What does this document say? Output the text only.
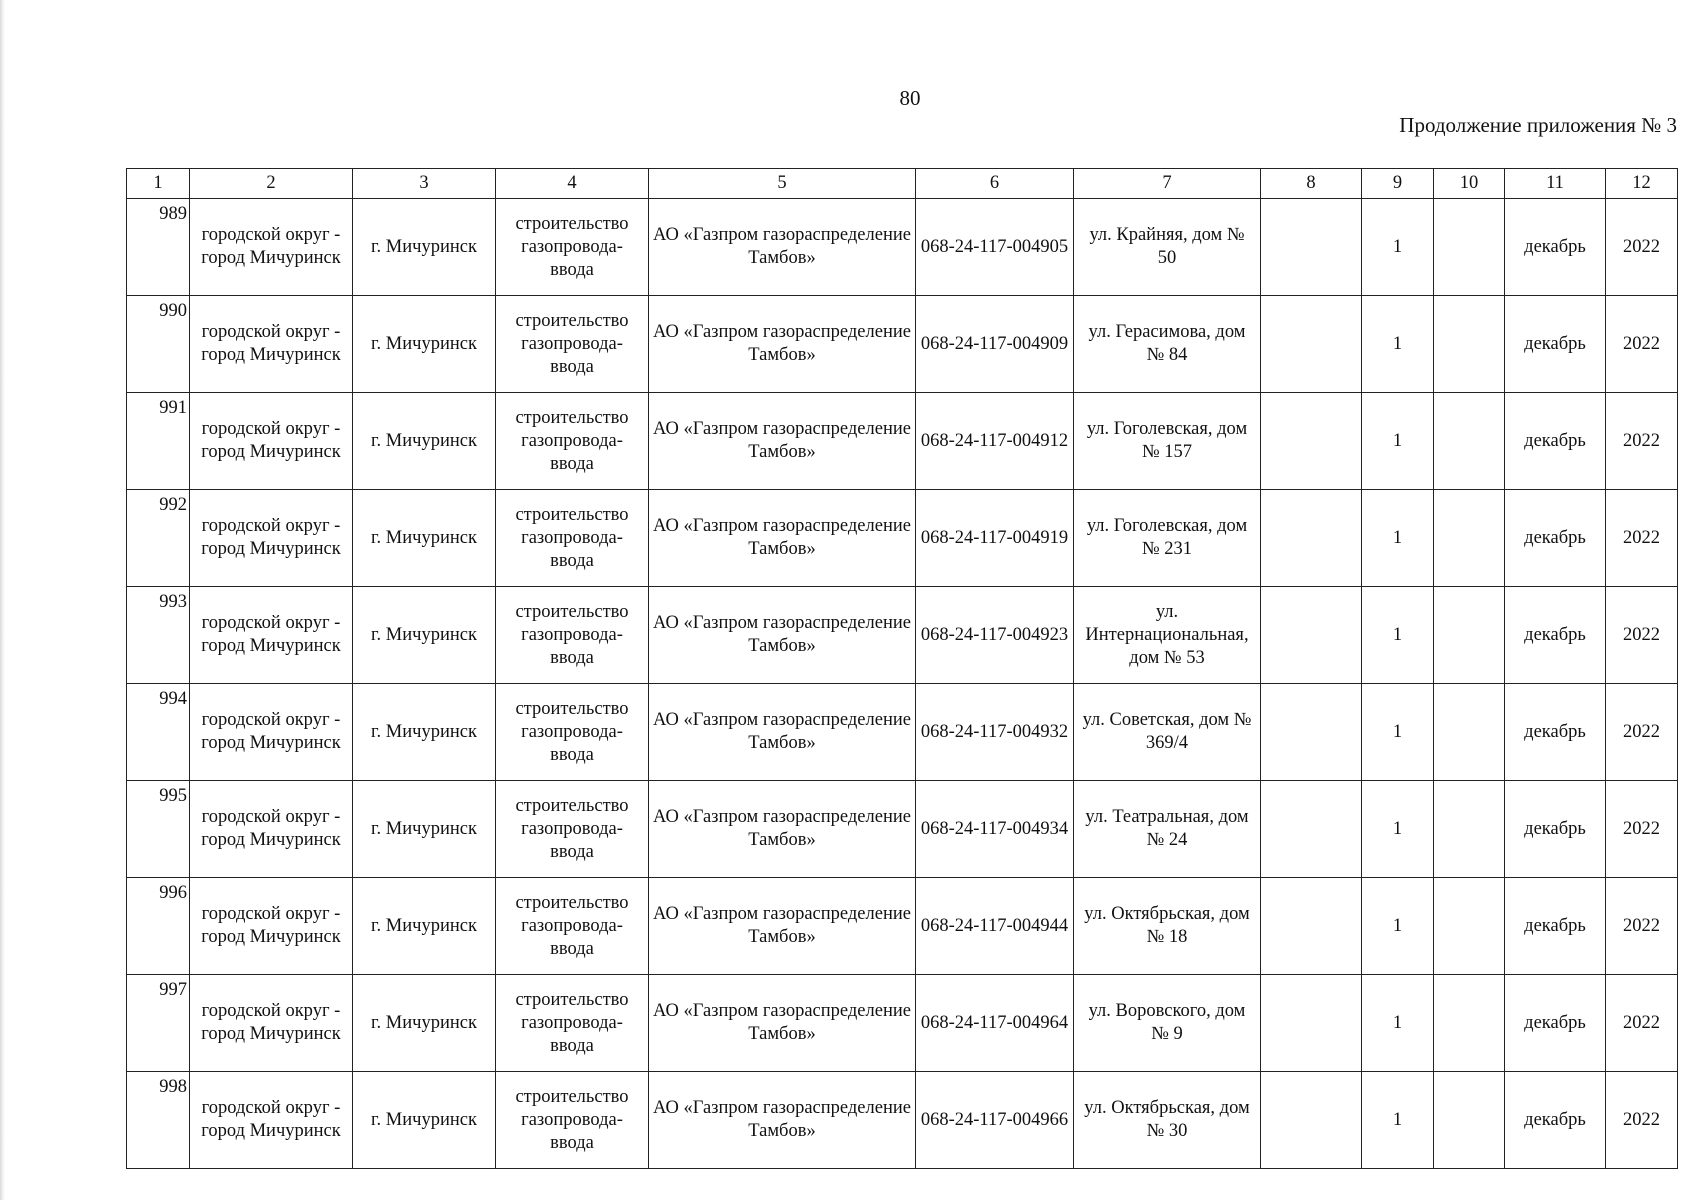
80
Продолжение приложения № 3
1	2	3	4	5	6	7	8	9	10	11	12
989	городской округ - город Мичуринск	г. Мичуринск	строительство газопровода-ввода	АО «Газпром газораспределение Тамбов»	068-24-117-004905	ул. Крайняя, дом № 50		1		декабрь	2022
990	городской округ - город Мичуринск	г. Мичуринск	строительство газопровода-ввода	АО «Газпром газораспределение Тамбов»	068-24-117-004909	ул. Герасимова, дом № 84		1		декабрь	2022
991	городской округ - город Мичуринск	г. Мичуринск	строительство газопровода-ввода	АО «Газпром газораспределение Тамбов»	068-24-117-004912	ул. Гоголевская, дом № 157		1		декабрь	2022
992	городской округ - город Мичуринск	г. Мичуринск	строительство газопровода-ввода	АО «Газпром газораспределение Тамбов»	068-24-117-004919	ул. Гоголевская, дом № 231		1		декабрь	2022
993	городской округ - город Мичуринск	г. Мичуринск	строительство газопровода-ввода	АО «Газпром газораспределение Тамбов»	068-24-117-004923	ул. Интернациональная, дом № 53		1		декабрь	2022
994	городской округ - город Мичуринск	г. Мичуринск	строительство газопровода-ввода	АО «Газпром газораспределение Тамбов»	068-24-117-004932	ул. Советская, дом № 369/4		1		декабрь	2022
995	городской округ - город Мичуринск	г. Мичуринск	строительство газопровода-ввода	АО «Газпром газораспределение Тамбов»	068-24-117-004934	ул. Театральная, дом № 24		1		декабрь	2022
996	городской округ - город Мичуринск	г. Мичуринск	строительство газопровода-ввода	АО «Газпром газораспределение Тамбов»	068-24-117-004944	ул. Октябрьская, дом № 18		1		декабрь	2022
997	городской округ - город Мичуринск	г. Мичуринск	строительство газопровода-ввода	АО «Газпром газораспределение Тамбов»	068-24-117-004964	ул. Воровского, дом № 9		1		декабрь	2022
998	городской округ - город Мичуринск	г. Мичуринск	строительство газопровода-ввода	АО «Газпром газораспределение Тамбов»	068-24-117-004966	ул. Октябрьская, дом № 30		1		декабрь	2022
